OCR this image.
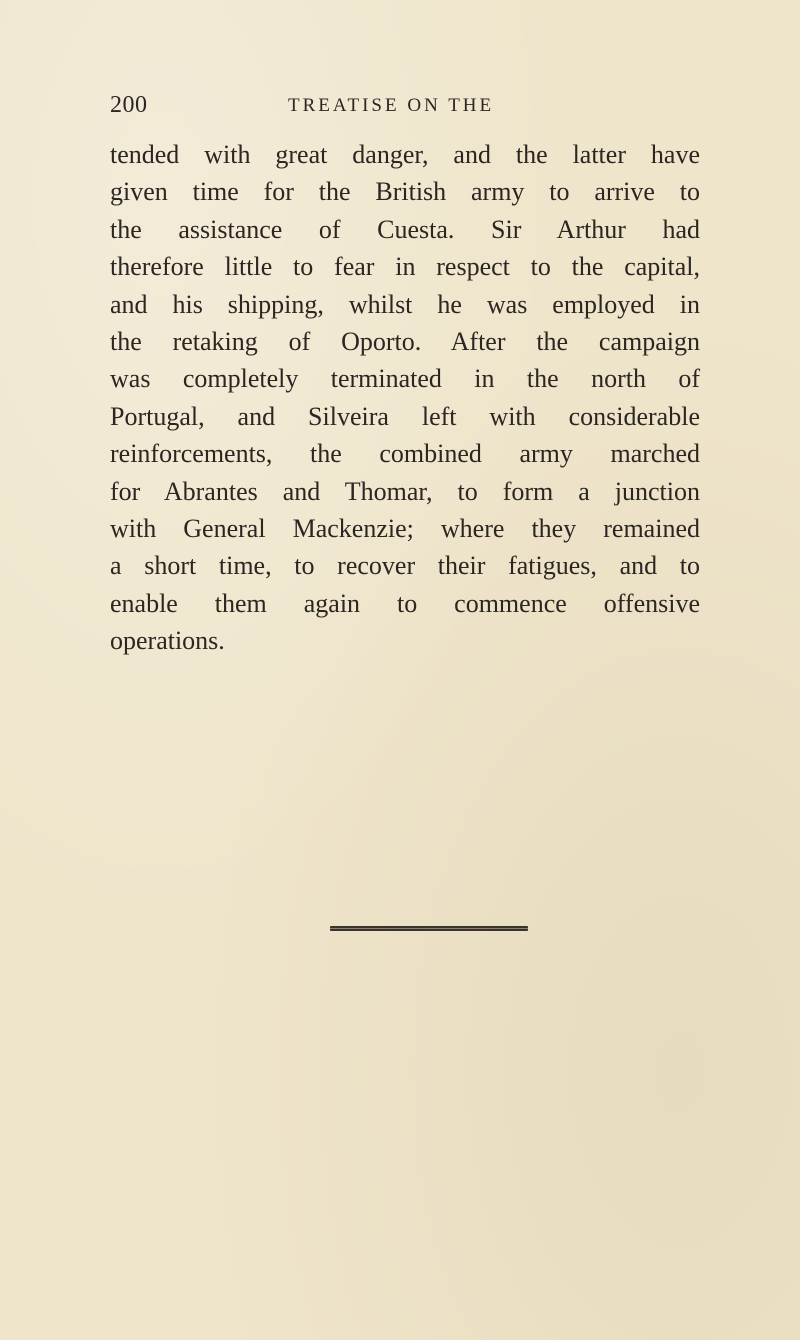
200	TREATISE ON THE
tended with great danger, and the latter have
given time for the British army to arrive to
the assistance of Cuesta. Sir Arthur had
therefore little to fear in respect to the capital,
and his shipping, whilst he was employed in
the retaking of Oporto. After the campaign
was completely terminated in the north of
Portugal, and Silveira left with considerable
reinforcements, the combined army marched
for Abrantes and Thomar, to form a junction
with General Mackenzie; where they remained
a short time, to recover their fatigues, and to
enable them again to commence offensive
operations.
